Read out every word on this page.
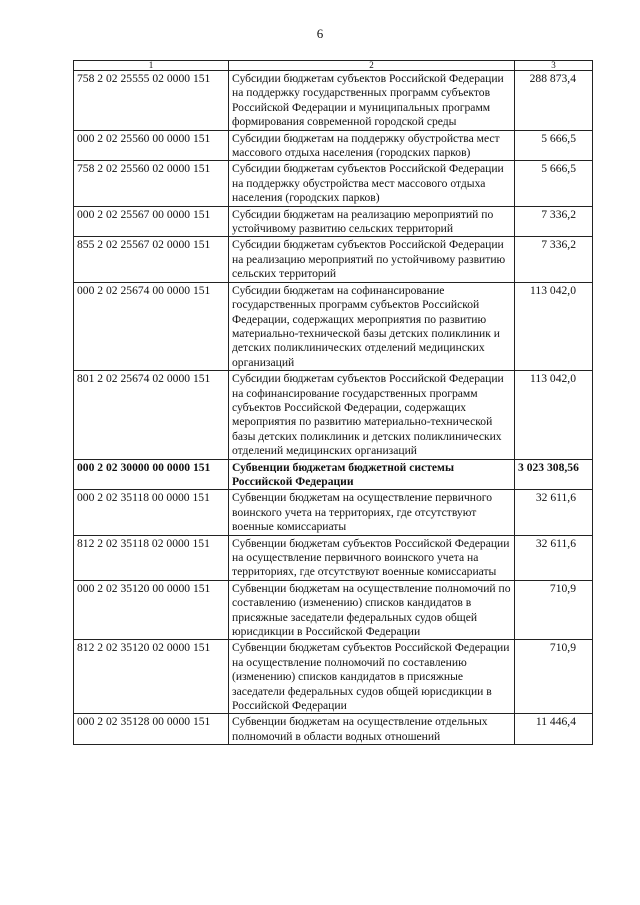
6
1	2	3
758 2 02 25555 02 0000 151	Субсидии бюджетам субъектов Российской Федерации на поддержку государственных программ субъектов Российской Федерации и муниципальных программ формирования современной городской среды	288 873,4
000 2 02 25560 00 0000 151	Субсидии бюджетам на поддержку обустройства мест массового отдыха населения (городских парков)	5 666,5
758 2 02 25560 02 0000 151	Субсидии бюджетам субъектов Российской Федерации на поддержку обустройства мест массового отдыха населения (городских парков)	5 666,5
000 2 02 25567 00 0000 151	Субсидии бюджетам на реализацию мероприятий по устойчивому развитию сельских территорий	7 336,2
855 2 02 25567 02 0000 151	Субсидии бюджетам субъектов Российской Федерации на реализацию мероприятий по устойчивому развитию сельских территорий	7 336,2
000 2 02 25674 00 0000 151	Субсидии бюджетам на софинансирование государственных программ субъектов Российской Федерации, содержащих мероприятия по развитию материально-технической базы детских поликлиник и детских поликлинических отделений медицинских организаций	113 042,0
801 2 02 25674 02 0000 151	Субсидии бюджетам субъектов Российской Федерации на софинансирование государственных программ субъектов Российской Федерации, содержащих мероприятия по развитию материально-технической базы детских поликлиник и детских поликлинических отделений медицинских организаций	113 042,0
000 2 02 30000 00 0000 151	Субвенции бюджетам бюджетной системы Российской Федерации	3 023 308,56
000 2 02 35118 00 0000 151	Субвенции бюджетам на осуществление первичного воинского учета на территориях, где отсутствуют военные комиссариаты	32 611,6
812 2 02 35118 02 0000 151	Субвенции бюджетам субъектов Российской Федерации на осуществление первичного воинского учета на территориях, где отсутствуют военные комиссариаты	32 611,6
000 2 02 35120 00 0000 151	Субвенции бюджетам на осуществление полномочий по составлению (изменению) списков кандидатов в присяжные заседатели федеральных судов общей юрисдикции в Российской Федерации	710,9
812 2 02 35120 02 0000 151	Субвенции бюджетам субъектов Российской Федерации на осуществление полномочий по составлению (изменению) списков кандидатов в присяжные заседатели федеральных судов общей юрисдикции в Российской Федерации	710,9
000 2 02 35128 00 0000 151	Субвенции бюджетам на осуществление отдельных полномочий в области водных отношений	11 446,4
